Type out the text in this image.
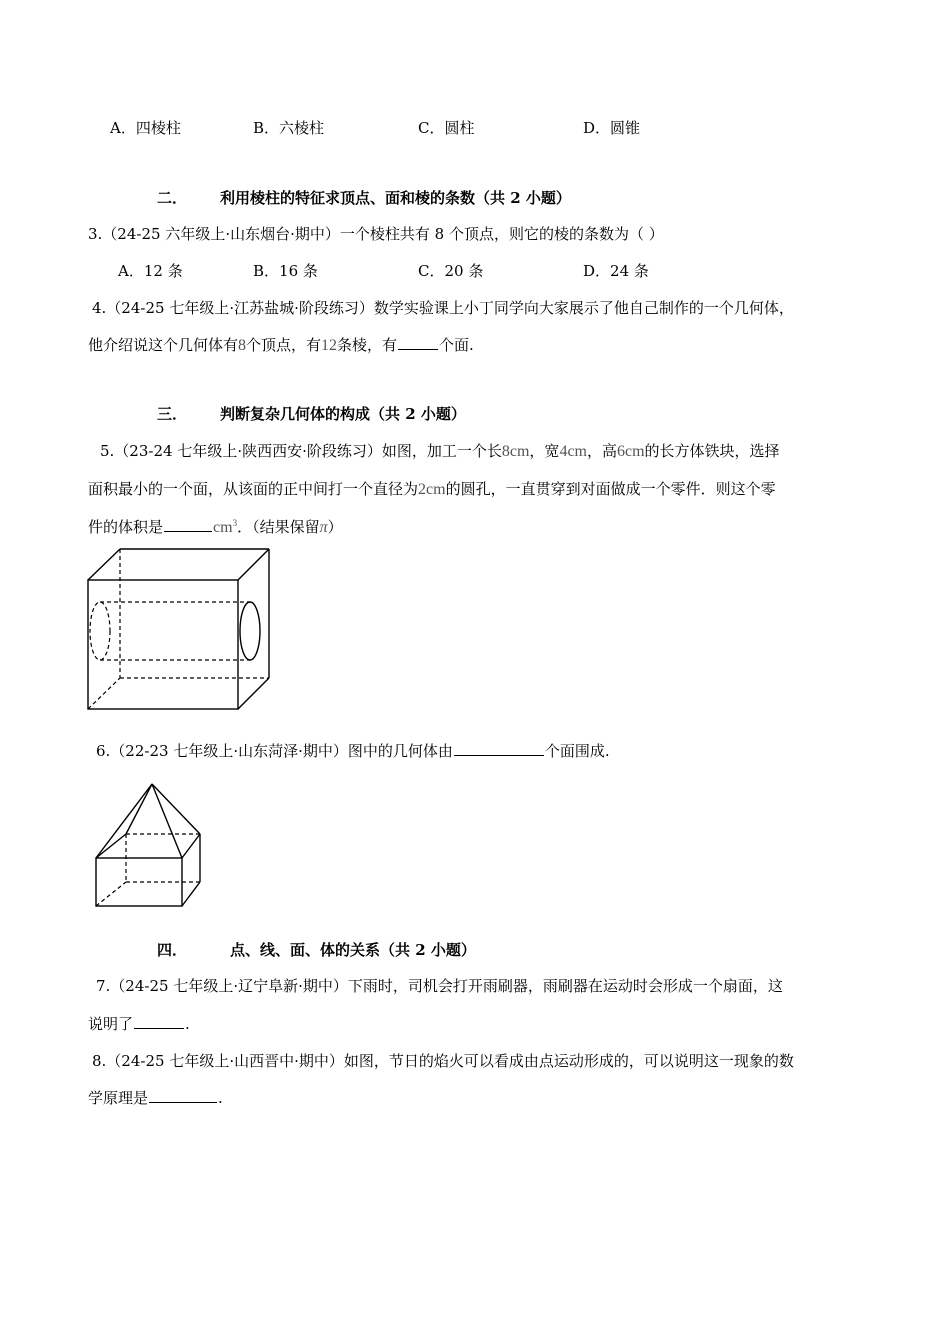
A．四棱柱	B．六棱柱	C．圆柱	D．圆锥
二． 利用棱柱的特征求顶点、面和棱的条数（共 2 小题）
3.（24-25 六年级上·山东烟台·期中）一个棱柱共有 8 个顶点，则它的棱的条数为（ ）
A．12 条	B．16 条	C．20 条	D．24 条
4.（24-25 七年级上·江苏盐城·阶段练习）数学实验课上小丁同学向大家展示了他自己制作的一个几何体，
他介绍说这个几何体有8个顶点，有12条棱，有	个面.
三． 判断复杂几何体的构成（共 2 小题）
5.（23-24 七年级上·陕西西安·阶段练习）如图，加工一个长8cm，宽4cm，高6cm的长方体铁块，选择
面积最小的一个面，从该面的正中间打一个直径为2cm的圆孔，一直贯穿到对面做成一个零件．则这个零
件的体积是	$cm^3$．（结果保留π）
6.（22-23 七年级上·山东菏泽·期中）图中的几何体由	个面围成.
四．	点、线、面、体的关系（共 2 小题）
7.（24-25 七年级上·辽宁阜新·期中）下雨时，司机会打开雨刷器，雨刷器在运动时会形成一个扇面，这
说明了	.
8.（24-25 七年级上·山西晋中·期中）如图，节日的焰火可以看成由点运动形成的，可以说明这一现象的数
学原理是	.
